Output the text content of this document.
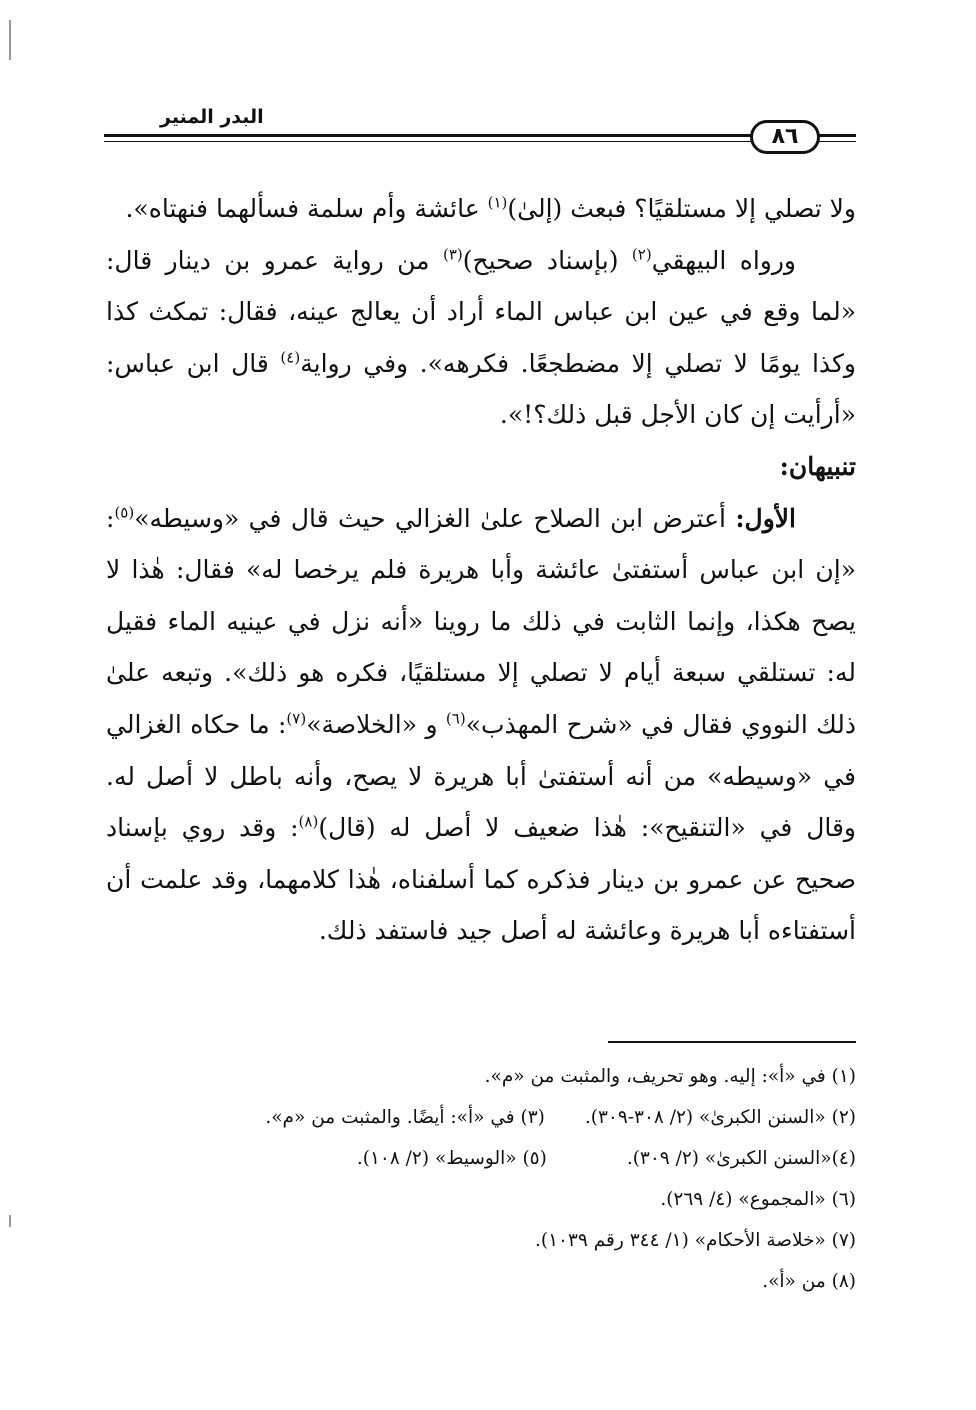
البدر المنير
٨٦

ولا تصلي إلا مستلقيًا؟ فبعث (إلىٰ)$^{(١)}$ عائشة وأم سلمة فسألهما فنهتاه».

ورواه البيهقي$^{(٢)}$ (بإسناد صحيح)$^{(٣)}$ من رواية عمرو بن دينار قال: «لما وقع في عين ابن عباس الماء أراد أن يعالج عينه، فقال: تمكث كذا وكذا يومًا لا تصلي إلا مضطجعًا. فكرهه». وفي رواية$^{(٤)}$ قال ابن عباس: «أرأيت إن كان الأجل قبل ذلك؟!».

تنبيهان:

الأول: أعترض ابن الصلاح علىٰ الغزالي حيث قال في «وسيطه»$^{(٥)}$: «إن ابن عباس أستفتىٰ عائشة وأبا هريرة فلم يرخصا له» فقال: هٰذا لا يصح هكذا، وإنما الثابت في ذلك ما روينا «أنه نزل في عينيه الماء فقيل له: تستلقي سبعة أيام لا تصلي إلا مستلقيًا، فكره هو ذلك». وتبعه علىٰ ذلك النووي فقال في «شرح المهذب»$^{(٦)}$ و «الخلاصة»$^{(٧)}$: ما حكاه الغزالي في «وسيطه» من أنه أستفتىٰ أبا هريرة لا يصح، وأنه باطل لا أصل له. وقال في «التنقيح»: هٰذا ضعيف لا أصل له (قال)$^{(٨)}$: وقد روي بإسناد صحيح عن عمرو بن دينار فذكره كما أسلفناه، هٰذا كلامهما، وقد علمت أن أستفتاءه أبا هريرة وعائشة له أصل جيد فاستفد ذلك.

(١) في «أ»: إليه. وهو تحريف، والمثبت من «م».
(٢) «السنن الكبرىٰ» (٢/ ٣٠٨-٣٠٩).(٣) في «أ»: أيضًا. والمثبت من «م».
(٤)«السنن الكبرىٰ» (٢/ ٣٠٩).(٥) «الوسيط» (٢/ ١٠٨).
(٦) «المجموع» (٤/ ٢٦٩).
(٧) «خلاصة الأحكام» (١/ ٣٤٤ رقم ١٠٣٩).
(٨) من «أ».
